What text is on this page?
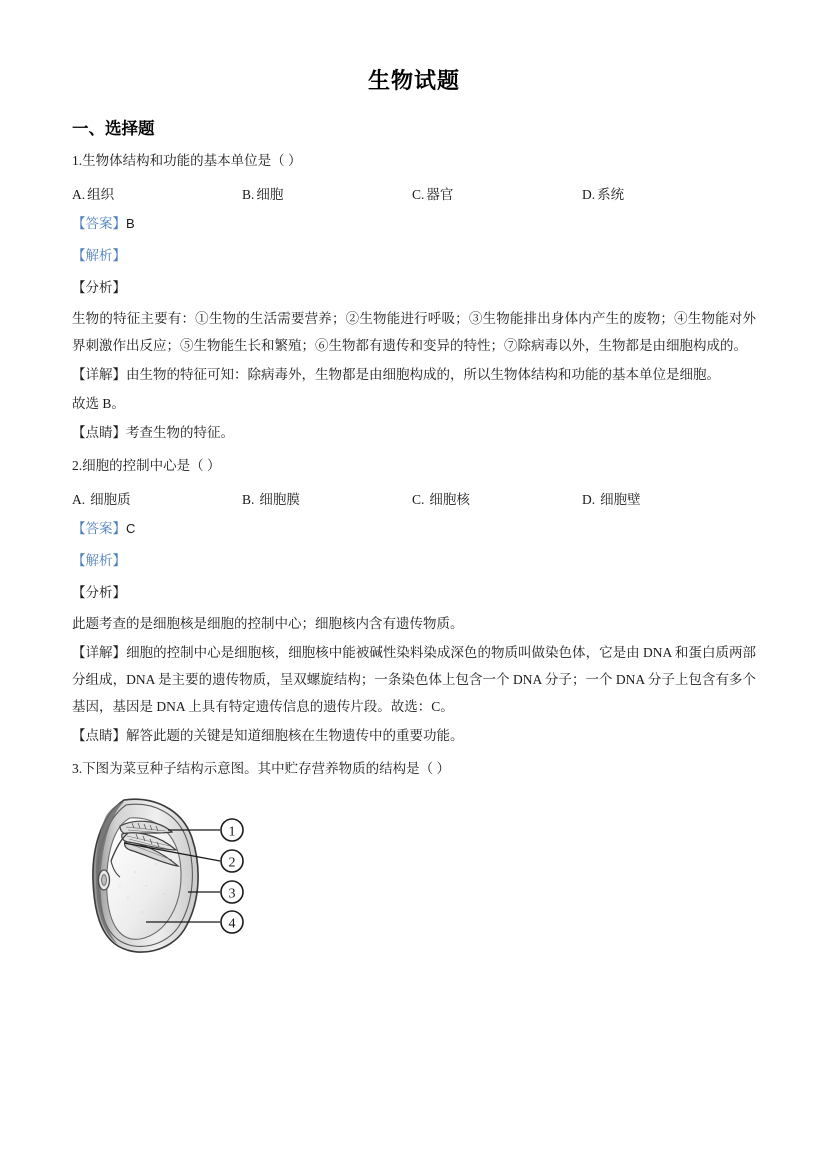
生物试题
一、选择题

1.生物体结构和功能的基本单位是（ ）

A. 组织	B. 细胞	C. 器官	D. 系统

【答案】B

【解析】

【分析】

生物的特征主要有：①生物的生活需要营养；②生物能进行呼吸；③生物能排出身体内产生的废物；④生物能对外界刺激作出反应；⑤生物能生长和繁殖；⑥生物都有遗传和变异的特性；⑦除病毒以外，生物都是由细胞构成的。

【详解】由生物的特征可知：除病毒外，生物都是由细胞构成的，所以生物体结构和功能的基本单位是细胞。

故选 B。

【点睛】考查生物的特征。

2.细胞的控制中心是（ ）

A. 细胞质	B. 细胞膜	C. 细胞核	D. 细胞壁

【答案】C

【解析】

【分析】

此题考查的是细胞核是细胞的控制中心；细胞核内含有遗传物质。

【详解】细胞的控制中心是细胞核，细胞核中能被碱性染料染成深色的物质叫做染色体，它是由 DNA 和蛋白质两部分组成，DNA 是主要的遗传物质，呈双螺旋结构；一条染色体上包含一个 DNA 分子；一个 DNA 分子上包含有多个基因，基因是 DNA 上具有特定遗传信息的遗传片段。故选：C。

【点睛】解答此题的关键是知道细胞核在生物遗传中的重要功能。

3.下图为菜豆种子结构示意图。其中贮存营养物质的结构是（ ）

1
2
3
4
